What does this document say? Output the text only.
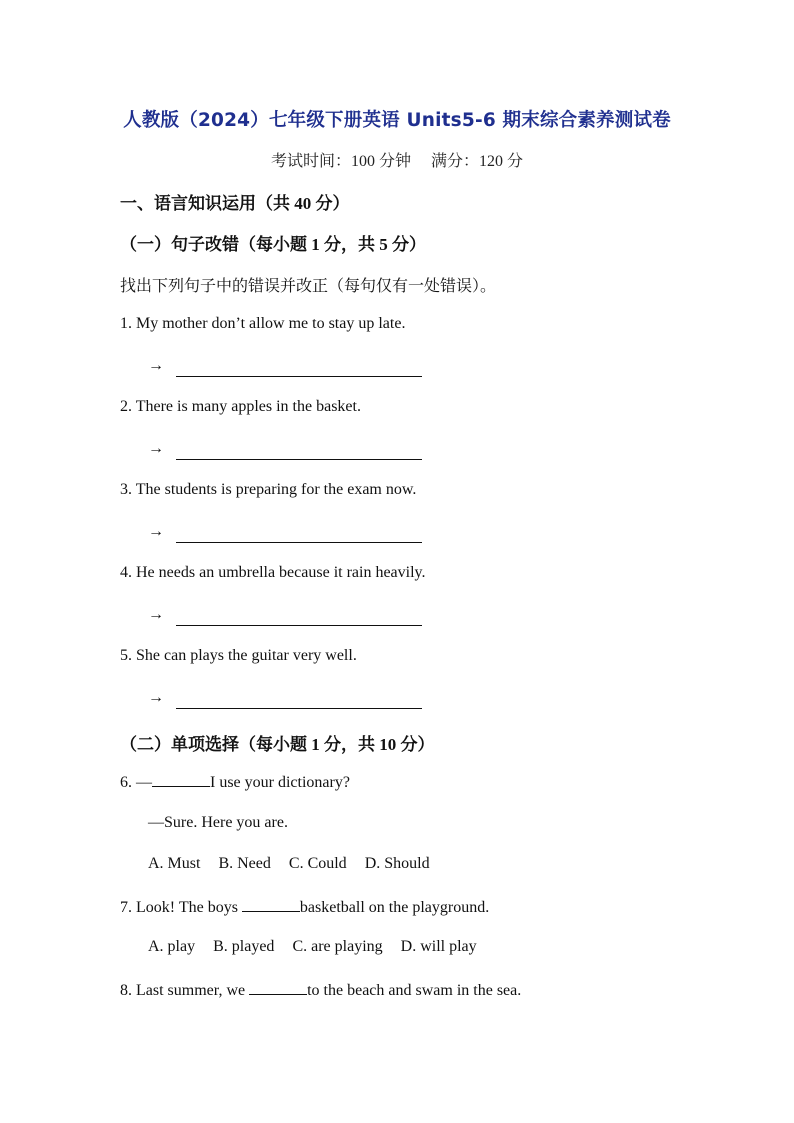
人教版（2024）七年级下册英语 Units5-6 期末综合素养测试卷
考试时间：100 分钟　 满分：120 分
一、语言知识运用（共 40 分）
（一）句子改错（每小题 1 分，共 5 分）
找出下列句子中的错误并改正（每句仅有一处错误）。
1. My mother don’t allow me to stay up late.
→
2. There is many apples in the basket.
→
3. The students is preparing for the exam now.
→
4. He needs an umbrella because it rain heavily.
→
5. She can plays the guitar very well.
→
（二）单项选择（每小题 1 分，共 10 分）
6. —	I use your dictionary?
—Sure. Here you are.
A. Must B. Need C. Could D. Should
7. Look! The boys	basketball on the playground.
A. play B. played C. are playing D. will play
8. Last summer, we	to the beach and swam in the sea.
